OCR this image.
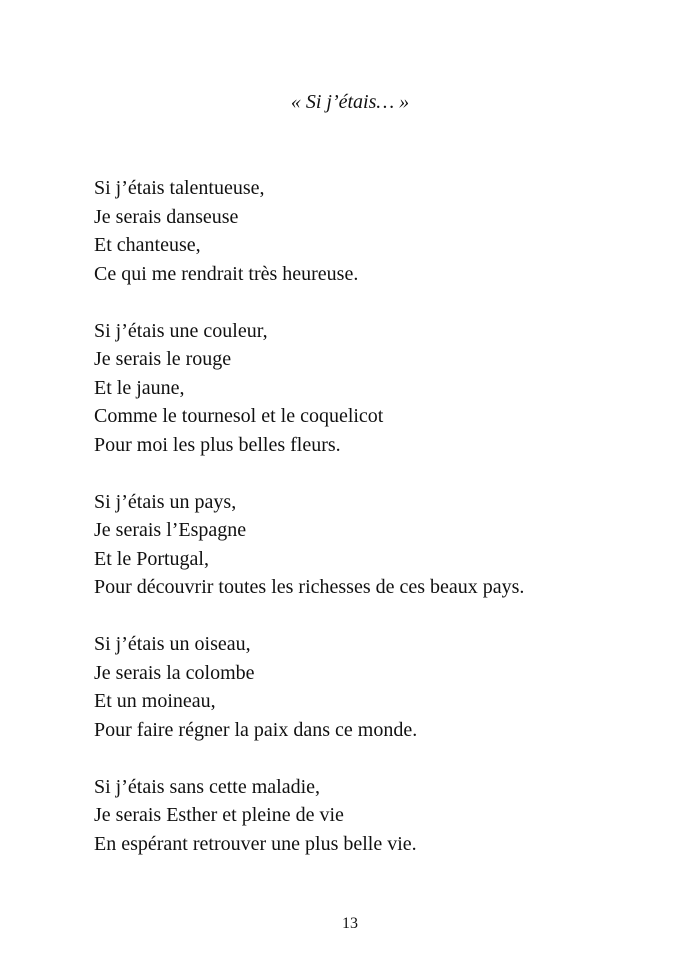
« Si j’étais… »
Si j’étais talentueuse,
Je serais danseuse
Et chanteuse,
Ce qui me rendrait très heureuse.
Si j’étais une couleur,
Je serais le rouge
Et le jaune,
Comme le tournesol et le coquelicot
Pour moi les plus belles fleurs.
Si j’étais un pays,
Je serais l’Espagne
Et le Portugal,
Pour découvrir toutes les richesses de ces beaux pays.
Si j’étais un oiseau,
Je serais la colombe
Et un moineau,
Pour faire régner la paix dans ce monde.
Si j’étais sans cette maladie,
Je serais Esther et pleine de vie
En espérant retrouver une plus belle vie.
13
